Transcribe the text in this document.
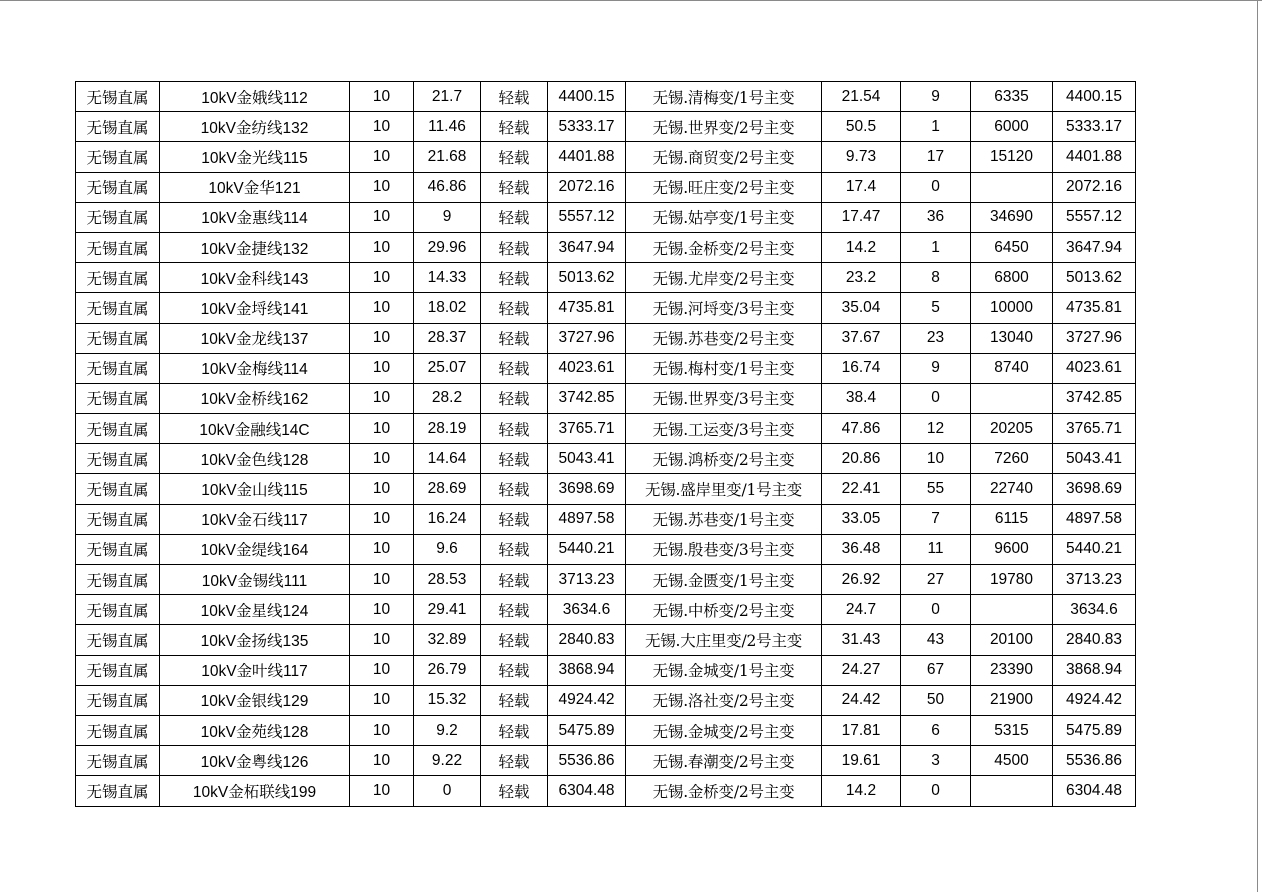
无锡直属	10kV金娥线112	10	21.7	轻载	4400.15	无锡.清梅变/1号主变	21.54	9	6335	4400.15
无锡直属	10kV金纺线132	10	11.46	轻载	5333.17	无锡.世界变/2号主变	50.5	1	6000	5333.17
无锡直属	10kV金光线115	10	21.68	轻载	4401.88	无锡.商贸变/2号主变	9.73	17	15120	4401.88
无锡直属	10kV金华121	10	46.86	轻载	2072.16	无锡.旺庄变/2号主变	17.4	0		2072.16
无锡直属	10kV金惠线114	10	9	轻载	5557.12	无锡.姑亭变/1号主变	17.47	36	34690	5557.12
无锡直属	10kV金捷线132	10	29.96	轻载	3647.94	无锡.金桥变/2号主变	14.2	1	6450	3647.94
无锡直属	10kV金科线143	10	14.33	轻载	5013.62	无锡.尤岸变/2号主变	23.2	8	6800	5013.62
无锡直属	10kV金埒线141	10	18.02	轻载	4735.81	无锡.河埒变/3号主变	35.04	5	10000	4735.81
无锡直属	10kV金龙线137	10	28.37	轻载	3727.96	无锡.苏巷变/2号主变	37.67	23	13040	3727.96
无锡直属	10kV金梅线114	10	25.07	轻载	4023.61	无锡.梅村变/1号主变	16.74	9	8740	4023.61
无锡直属	10kV金桥线162	10	28.2	轻载	3742.85	无锡.世界变/3号主变	38.4	0		3742.85
无锡直属	10kV金融线14C	10	28.19	轻载	3765.71	无锡.工运变/3号主变	47.86	12	20205	3765.71
无锡直属	10kV金色线128	10	14.64	轻载	5043.41	无锡.鸿桥变/2号主变	20.86	10	7260	5043.41
无锡直属	10kV金山线115	10	28.69	轻载	3698.69	无锡.盛岸里变/1号主变	22.41	55	22740	3698.69
无锡直属	10kV金石线117	10	16.24	轻载	4897.58	无锡.苏巷变/1号主变	33.05	7	6115	4897.58
无锡直属	10kV金缇线164	10	9.6	轻载	5440.21	无锡.殷巷变/3号主变	36.48	11	9600	5440.21
无锡直属	10kV金锡线111	10	28.53	轻载	3713.23	无锡.金匮变/1号主变	26.92	27	19780	3713.23
无锡直属	10kV金星线124	10	29.41	轻载	3634.6	无锡.中桥变/2号主变	24.7	0		3634.6
无锡直属	10kV金扬线135	10	32.89	轻载	2840.83	无锡.大庄里变/2号主变	31.43	43	20100	2840.83
无锡直属	10kV金叶线117	10	26.79	轻载	3868.94	无锡.金城变/1号主变	24.27	67	23390	3868.94
无锡直属	10kV金银线129	10	15.32	轻载	4924.42	无锡.洛社变/2号主变	24.42	50	21900	4924.42
无锡直属	10kV金苑线128	10	9.2	轻载	5475.89	无锡.金城变/2号主变	17.81	6	5315	5475.89
无锡直属	10kV金粤线126	10	9.22	轻载	5536.86	无锡.春潮变/2号主变	19.61	3	4500	5536.86
无锡直属	10kV金柘联线199	10	0	轻载	6304.48	无锡.金桥变/2号主变	14.2	0		6304.48
